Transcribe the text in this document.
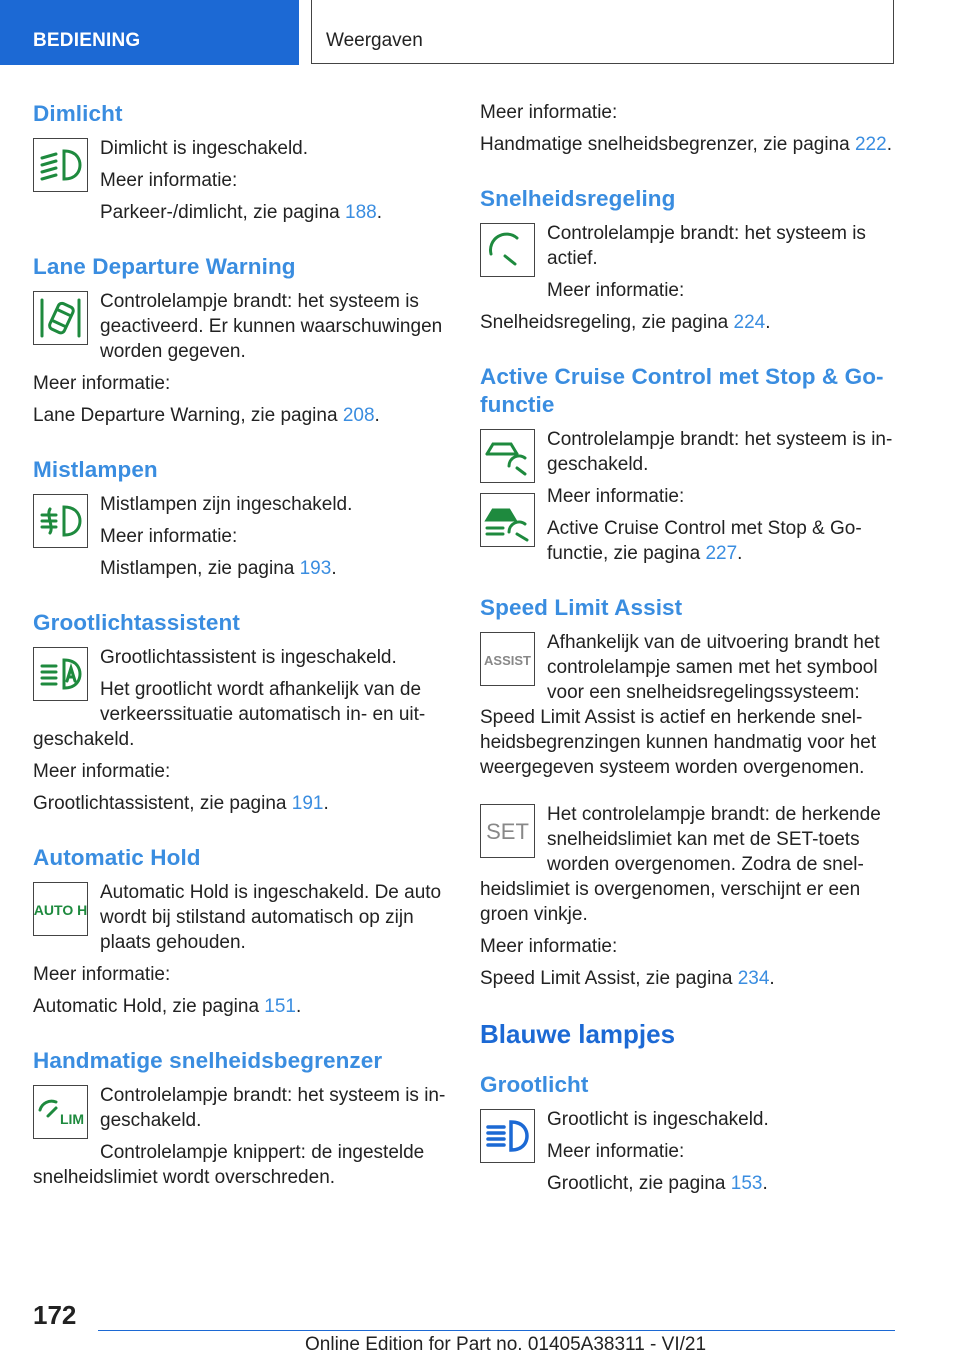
BEDIENING	Weergaven
Dimlicht

Dimlicht is ingeschakeld.

Meer informatie:

Parkeer-/dimlicht, zie pagina 188.

Lane Departure Warning

Controlelampje brandt: het systeem is geactiveerd. Er kunnen waarschuwingen worden gegeven.

Meer informatie:

Lane Departure Warning, zie pagina 208.

Mistlampen

Mistlampen zijn ingeschakeld.

Meer informatie:

Mistlampen, zie pagina 193.

Grootlichtassistent

Grootlichtassistent is ingeschakeld.

Het grootlicht wordt afhankelijk van de verkeerssituatie automatisch in- en uit-

geschakeld.

Meer informatie:

Grootlichtassistent, zie pagina 191.

Automatic Hold
AUTO H

Automatic Hold is ingeschakeld. De auto wordt bij stilstand automatisch op zijn plaats gehouden.

Meer informatie:

Automatic Hold, zie pagina 151.

Handmatige snelheidsbegrenzer
LIM

Controlelampje brandt: het systeem is in-geschakeld.

Controlelampje knippert: de ingestelde

snelheidslimiet wordt overschreden.

Meer informatie:

Handmatige snelheidsbegrenzer, zie pagina 222.

Snelheidsregeling

Controlelampje brandt: het systeem is actief.

Meer informatie:

Snelheidsregeling, zie pagina 224.

Active Cruise Control met Stop & Go-functie

Controlelampje brandt: het systeem is in-geschakeld.

Meer informatie:

Active Cruise Control met Stop & Go-functie, zie pagina 227.

Speed Limit Assist
ASSIST

Afhankelijk van de uitvoering brandt het controlelampje samen met het symbool voor een snelheidsregelingssysteem:

Speed Limit Assist is actief en herkende snel-heidsbegrenzingen kunnen handmatig voor het weergegeven systeem worden overgenomen.

SET

Het controlelampje brandt: de herkende snelheidslimiet kan met de SET-toets worden overgenomen. Zodra de snel-

heidslimiet is overgenomen, verschijnt er een groen vinkje.

Meer informatie:

Speed Limit Assist, zie pagina 234.

Blauwe lampjes
Grootlicht

Grootlicht is ingeschakeld.

Meer informatie:

Grootlicht, zie pagina 153.

172
Online Edition for Part no. 01405A38311 - VI/21
